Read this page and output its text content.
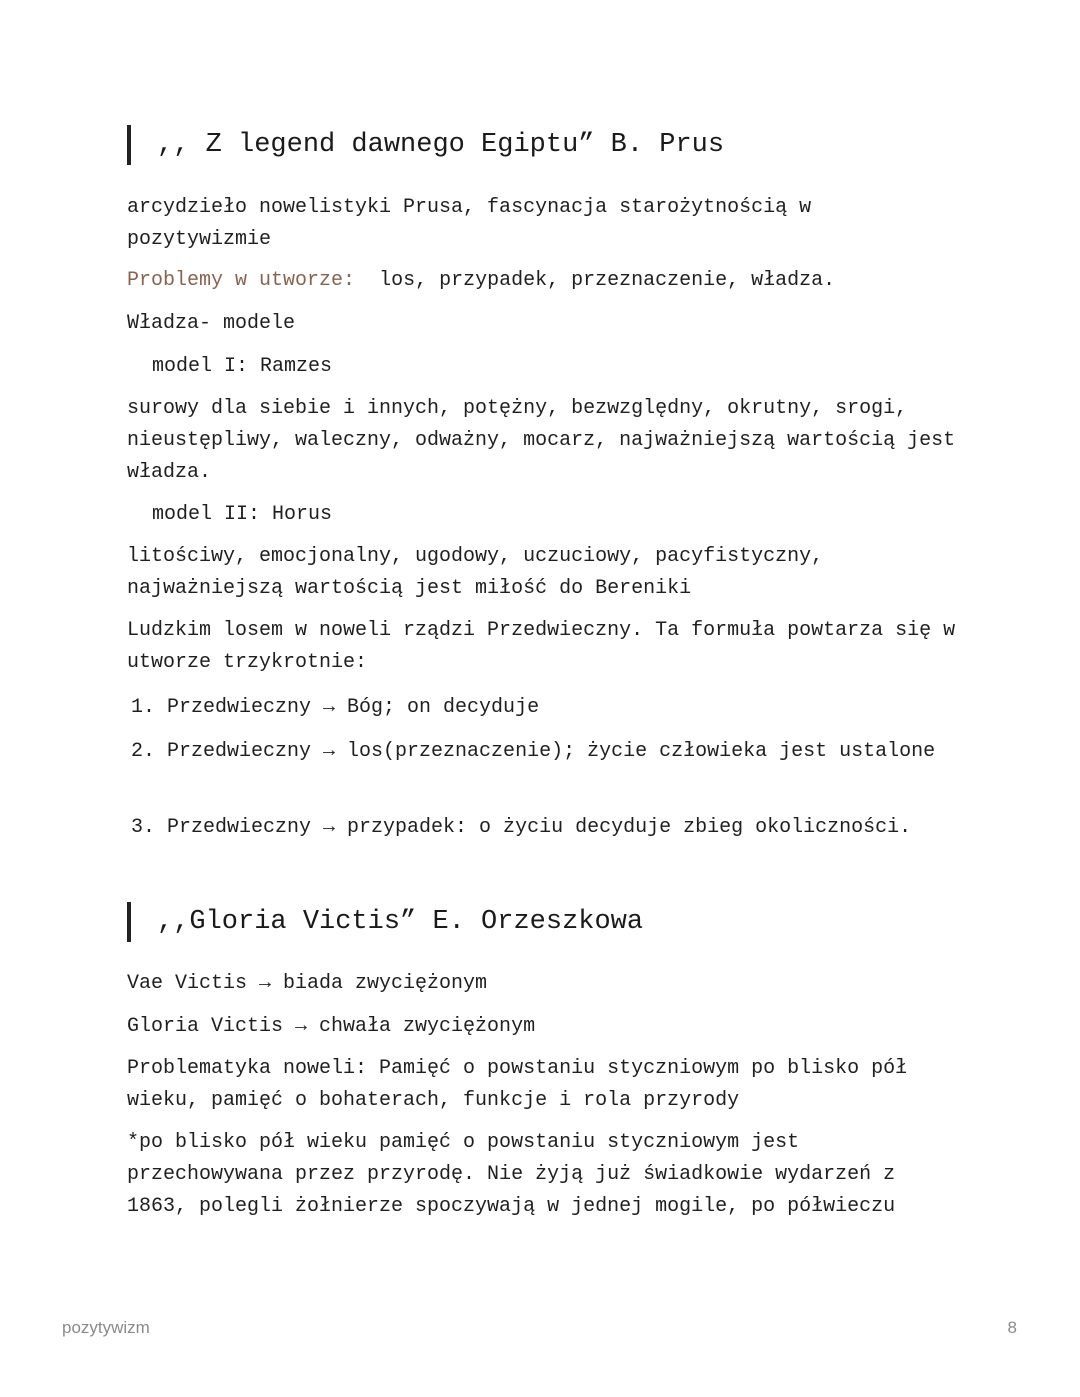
,, Z legend dawnego Egiptu” B. Prus
arcydzieło nowelistyki Prusa, fascynacja starożytnością w pozytywizmie
Problemy w utworze: los, przypadek, przeznaczenie, władza.
Władza- modele
model I: Ramzes
surowy dla siebie i innych, potężny, bezwzględny, okrutny, srogi, nieustępliwy, waleczny, odważny, mocarz, najważniejszą wartością jest władza.
model II: Horus
litościwy, emocjonalny, ugodowy, uczuciowy, pacyfistyczny, najważniejszą wartością jest miłość do Bereniki
Ludzkim losem w noweli rządzi Przedwieczny. Ta formuła powtarza się w utworze trzykrotnie:
1. Przedwieczny → Bóg; on decyduje
2. Przedwieczny → los(przeznaczenie); życie człowieka jest ustalone
3. Przedwieczny → przypadek: o życiu decyduje zbieg okoliczności.
,,Gloria Victis” E. Orzeszkowa
Vae Victis → biada zwyciężonym
Gloria Victis → chwała zwyciężonym
Problematyka noweli: Pamięć o powstaniu styczniowym po blisko pół wieku, pamięć o bohaterach, funkcje i rola przyrody
*po blisko pół wieku pamięć o powstaniu styczniowym jest przechowywana przez przyrodę. Nie żyją już świadkowie wydarzeń z 1863, polegli żołnierze spoczywają w jednej mogile, po półwieczu
pozytywizm	8
